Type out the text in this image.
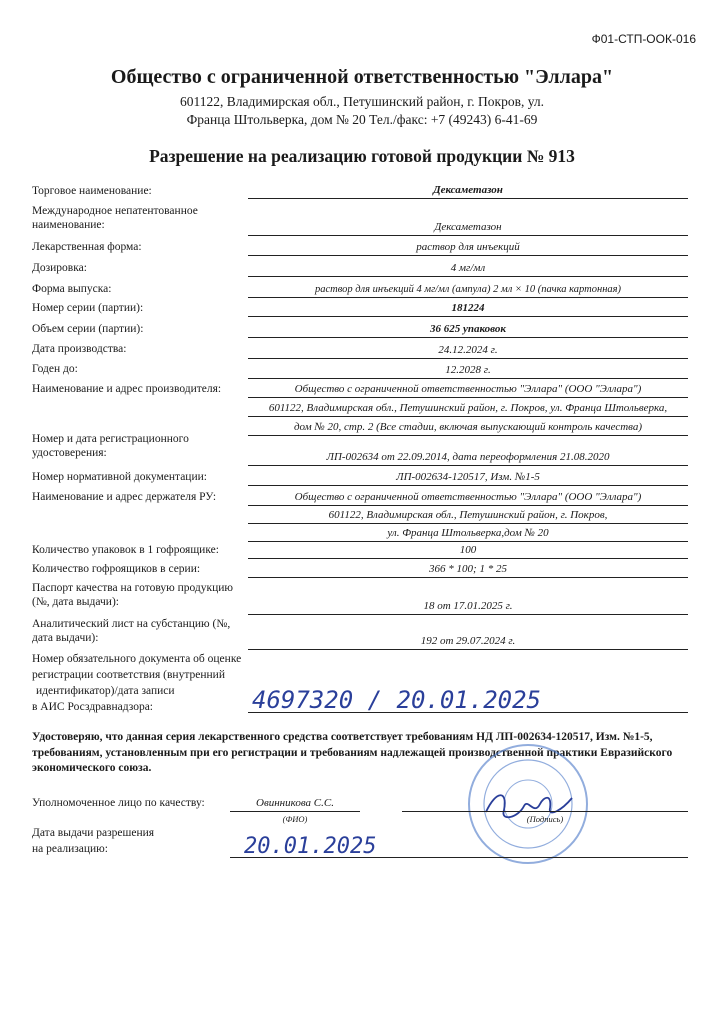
Ф01-СТП-ООК-016
Общество с ограниченной ответственностью "Эллара"
601122, Владимирская обл., Петушинский район, г. Покров, ул.
Франца Штольверка, дом № 20 Тел./факс: +7 (49243) 6-41-69
Разрешение на реализацию готовой продукции № 913
Торговое наименование:	Дексаметазон
Международное непатентованное наименование:	Дексаметазон
Лекарственная форма:	раствор для инъекций
Дозировка:	4 мг/мл
Форма выпуска:	раствор для инъекций 4 мг/мл (ампула) 2 мл × 10 (пачка картонная)
Номер серии (партии):	181224
Объем серии (партии):	36 625 упаковок
Дата производства:	24.12.2024 г.
Годен до:	12.2028 г.
Наименование и адрес производителя:	Общество с ограниченной ответственностью "Эллара" (ООО "Эллара")
601122, Владимирская обл., Петушинский район, г. Покров, ул. Франца Штольверка,
дом № 20, стр. 2 (Все стадии, включая выпускающий контроль качества)
Номер и дата регистрационного удостоверения:	ЛП-002634 от 22.09.2014, дата переоформления 21.08.2020
Номер нормативной документации:	ЛП-002634-120517, Изм. №1-5
Наименование и адрес держателя РУ:	Общество с ограниченной ответственностью "Эллара" (ООО "Эллара")
601122, Владимирская обл., Петушинский район, г. Покров,
ул. Франца Штольверка,дом № 20
Количество упаковок в 1 гофроящике:	100
Количество гофроящиков в серии:	366 * 100; 1 * 25
Паспорт качества на готовую продукцию (№, дата выдачи):	18 от 17.01.2025 г.
Аналитический лист на субстанцию (№, дата выдачи):	192 от 29.07.2024 г.
Номер обязательного документа об оценке
регистрации соответствия (внутренний
идентификатор)/дата записи
в АИС Росздравнадзора:	4697320 / 20.01.2025
Удостоверяю, что данная серия лекарственного средства соответствует требованиям НД ЛП-002634-120517, Изм. №1-5, требованиям, установленным при его регистрации и требованиям надлежащей производственной практики Евразийского экономического союза.
Уполномоченное лицо по качеству:	Овинникова С.С.
(ФИО)	(Подпись)
Дата выдачи разрешения
на реализацию:	20.01.2025
